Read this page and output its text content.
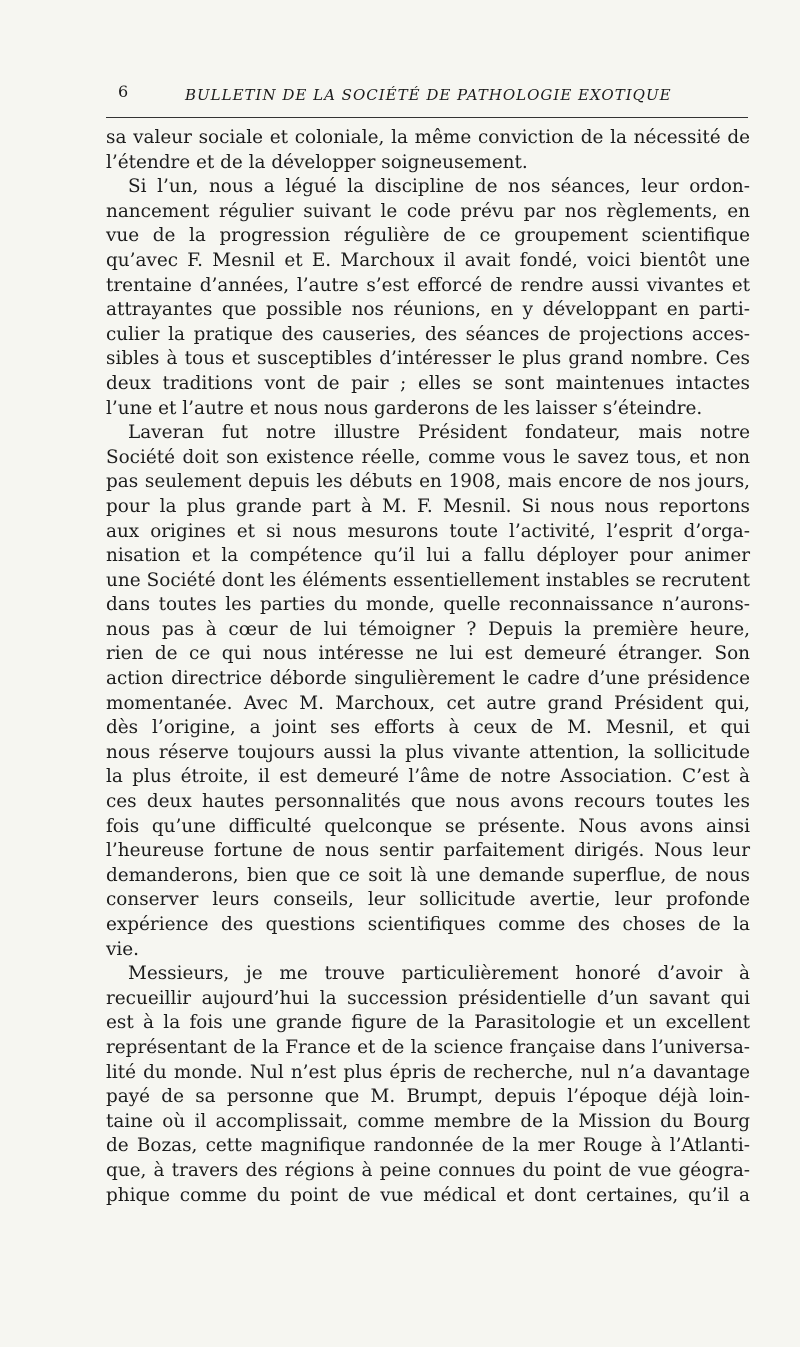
6	BULLETIN DE LA SOCIÉTÉ DE PATHOLOGIE EXOTIQUE
sa valeur sociale et coloniale, la même conviction de la nécessité de
l’étendre et de la développer soigneusement.
Si l’un, nous a légué la discipline de nos séances, leur ordon-
nancement régulier suivant le code prévu par nos règlements, en
vue de la progression régulière de ce groupement scientifique
qu’avec F. Mesnil et E. Marchoux il avait fondé, voici bientôt une
trentaine d’années, l’autre s’est efforcé de rendre aussi vivantes et
attrayantes que possible nos réunions, en y développant en parti-
culier la pratique des causeries, des séances de projections acces-
sibles à tous et susceptibles d’intéresser le plus grand nombre. Ces
deux traditions vont de pair ; elles se sont maintenues intactes
l’une et l’autre et nous nous garderons de les laisser s’éteindre.
Laveran fut notre illustre Président fondateur, mais notre
Société doit son existence réelle, comme vous le savez tous, et non
pas seulement depuis les débuts en 1908, mais encore de nos jours,
pour la plus grande part à M. F. Mesnil. Si nous nous reportons
aux origines et si nous mesurons toute l’activité, l’esprit d’orga-
nisation et la compétence qu’il lui a fallu déployer pour animer
une Société dont les éléments essentiellement instables se recrutent
dans toutes les parties du monde, quelle reconnaissance n’aurons-
nous pas à cœur de lui témoigner ? Depuis la première heure,
rien de ce qui nous intéresse ne lui est demeuré étranger. Son
action directrice déborde singulièrement le cadre d’une présidence
momentanée. Avec M. Marchoux, cet autre grand Président qui,
dès l’origine, a joint ses efforts à ceux de M. Mesnil, et qui
nous réserve toujours aussi la plus vivante attention, la sollicitude
la plus étroite, il est demeuré l’âme de notre Association. C’est à
ces deux hautes personnalités que nous avons recours toutes les
fois qu’une difficulté quelconque se présente. Nous avons ainsi
l’heureuse fortune de nous sentir parfaitement dirigés. Nous leur
demanderons, bien que ce soit là une demande superflue, de nous
conserver leurs conseils, leur sollicitude avertie, leur profonde
expérience des questions scientifiques comme des choses de la
vie.
Messieurs, je me trouve particulièrement honoré d’avoir à
recueillir aujourd’hui la succession présidentielle d’un savant qui
est à la fois une grande figure de la Parasitologie et un excellent
représentant de la France et de la science française dans l’universa-
lité du monde. Nul n’est plus épris de recherche, nul n’a davantage
payé de sa personne que M. Brumpt, depuis l’époque déjà loin-
taine où il accomplissait, comme membre de la Mission du Bourg
de Bozas, cette magnifique randonnée de la mer Rouge à l’Atlanti-
que, à travers des régions à peine connues du point de vue géogra-
phique comme du point de vue médical et dont certaines, qu’il a
